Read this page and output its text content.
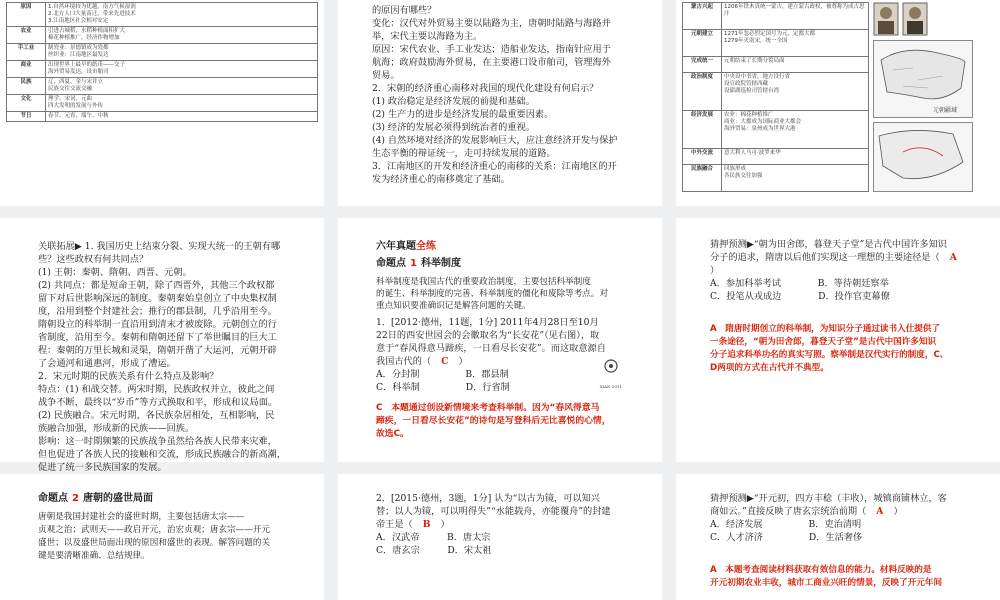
原因	1.自然环境较为优越，南方气候湿润
2.北方人口大量南迁，带来先进技术
3.江南地区社会相对安定

农业	引进占城稻，水稻种植面积扩大
棉花种植推广，经济作物增加

手工业	制瓷业：景德镇成为瓷都
丝织业：江南地区最发达

商业	出现世界上最早的纸币——交子
海外贸易发达，设市舶司

民族	辽、西夏、金与宋并立
民族交往交流交融

文化	理学、宋词、元曲
四大发明的发展与外传

节日	春节、元宵、端午、中秋

的原因有哪些？

变化：汉代对外贸易主要以陆路为主，唐朝时陆路与海路并

举，宋代主要以海路为主。

原因：宋代农业、手工业发达；造船业发达，指南针应用于

航海；政府鼓励海外贸易，在主要港口设市舶司，管理海外

贸易。

2．宋朝的经济重心南移对我国的现代化建设有何启示？

(1) 政治稳定是经济发展的前提和基础。

(2) 生产力的进步是经济发展的最重要因素。

(3) 经济的发展必须得到统治者的重视。

(4) 自然环境对经济的发展影响巨大，应注意经济开发与保护

生态平衡的辩证统一，走可持续发展的道路。

3．江南地区的开发和经济重心的南移的关系：江南地区的开

发为经济重心的南移奠定了基础。

蒙古兴起	1206年铁木真统一蒙古，建立蒙古政权，被尊称为成吉思汗

元朝建立	1271年忽必烈定国号为元，定都大都
1279年灭南宋，统一全国

完成统一	元朝结束了长期分裂局面

政治制度	中央设中书省，地方设行省
设宣政院管辖西藏
设澎湖巡检司管辖台湾

经济发展	农业：棉花种植推广
商业：大都成为国际商业大都会
海外贸易：泉州成为世界大港

中外交流	意大利人马可·波罗来华

民族融合	回族形成
各民族交往加强
元朝疆域

关联拓展▶ 1. 我国历史上结束分裂、实现大统一的王朝有哪

些？这些政权有何共同点？

(1) 王朝：秦朝、隋朝、西晋、元朝。

(2) 共同点：都是短命王朝，除了西晋外，其他三个政权都

留下对后世影响深远的制度。秦朝秦始皇创立了中央集权制

度，沿用到整个封建社会；推行的郡县制，几乎沿用至今。

隋朝设立的科举制一直沿用到清末才被废除。元朝创立的行

省制度，沿用至今。秦朝和隋朝还留下了举世瞩目的巨大工

程：秦朝的万里长城和灵渠，隋朝开凿了大运河，元朝开辟

了会通河和通惠河，形成了漕运。

2．宋元时期的民族关系有什么特点及影响？

特点：(1) 和战交替。两宋时期，民族政权并立，彼此之间

战争不断，最终以“岁币”等方式换取和平，形成和议局面。

(2) 民族融合。宋元时期，各民族杂居相处，互相影响，民

族融合加强，形成新的民族——回族。

影响：这一时期频繁的民族战争虽然给各族人民带来灾难，

但也促进了各族人民的接触和交流，形成民族融合的新高潮，

促进了统一多民族国家的发展。

六年真题全练

命题点 1 科举制度

科举制度是我国古代的重要政治制度，主要包括科举制度

的诞生、科举制度的完善、科举制度的僵化和废除等考点。对

重点知识要准确识记是解答问题的关键。

1．[2012·德州，11题，1分] 2011年4月28日至10月

22日的西安世园会的会徽取名为“长安花”（见右图），取

意于“春风得意马蹄疾，一日看尽长安花”。而这取意源自

我国古代的（ C ）

A．分封制　　　　　B．郡县制

C．科举制　　　　　D．行省制	XIAN 2011

C　本题通过创设新情境来考查科举制。因为“春风得意马

蹄疾，一日看尽长安花”的诗句是写登科后无比喜悦的心情，

故选C。

猜押预测▶“朝为田舍郎，暮登天子堂”是古代中国许多知识

分子的追求，隋唐以后他们实现这一理想的主要途径是（ A

）

A．参加科举考试　　　　B．等待朝廷察举

C．投笔从戎成边　　　　D．投作官吏幕僚

A　隋唐时期创立的科举制，为知识分子通过读书入仕提供了

一条途径，“朝为田舍郎，暮登天子堂”是古代中国许多知识

分子追求科举功名的真实写照。察举制是汉代实行的制度，C、

D两项的方式在古代并不典型。

命题点 2 唐朝的盛世局面

唐朝是我国封建社会的盛世时期，主要包括唐太宗——

贞观之治；武则天——政启开元，治宏贞观；唐玄宗——开元

盛世；以及盛世局面出现的原因和盛世的表现。解答问题的关

键是要清晰准确、总结规律。

2．[2015·德州，3题，1分] 认为“以古为镜，可以知兴

替；以人为镜，可以明得失”“水能载舟，亦能覆舟”的封建

帝王是（ B ）

A．汉武帝　　　B．唐太宗

C．唐玄宗　　　D．宋太祖

猜押预测▶“开元初，四方丰稔（丰收），城镇商铺林立，客

商如云。”直接反映了唐玄宗统治前期（ A ）

A．经济发展　　　　　B．吏治清明

C．人才济济　　　　　D．生活奢侈

A　本题考查阅读材料获取有效信息的能力。材料反映的是

开元初期农业丰收，城市工商业兴旺的情景，反映了开元年间
